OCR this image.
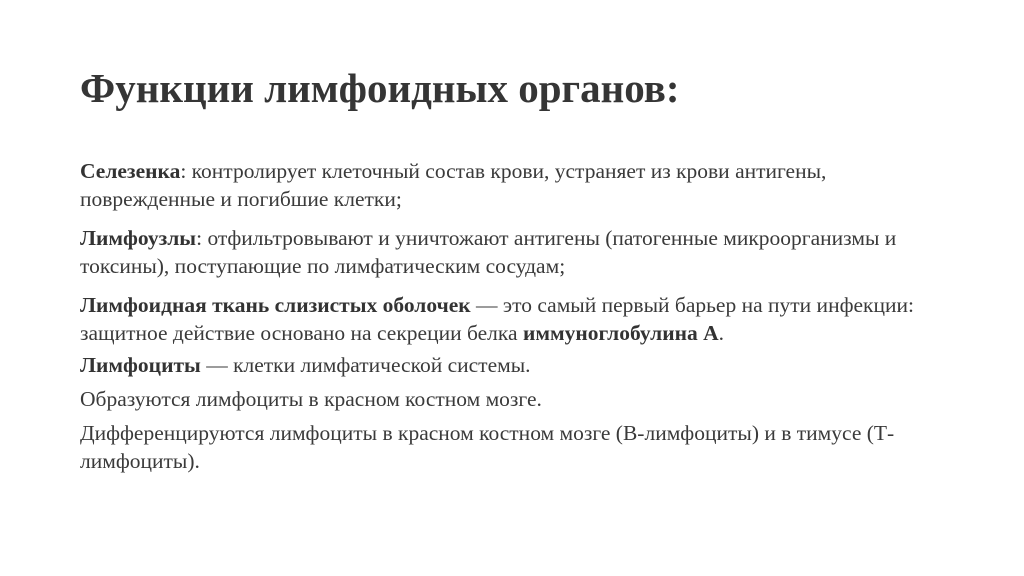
Функции лимфоидных органов:

Селезенка: контролирует клеточный состав крови, устраняет из крови антигены, поврежденные и погибшие клетки;

Лимфоузлы: отфильтровывают и уничтожают антигены (патогенные микроорганизмы и токсины), поступающие по лимфатическим сосудам;

Лимфоидная ткань слизистых оболочек — это самый первый барьер на пути инфекции: защитное действие основано на секреции белка иммуноглобулина А.

Лимфоциты — клетки лимфатической системы.

Образуются лимфоциты в красном костном мозге.

Дифференцируются лимфоциты в красном костном мозге (В-лимфоциты) и в тимусе (Т-лимфоциты).
